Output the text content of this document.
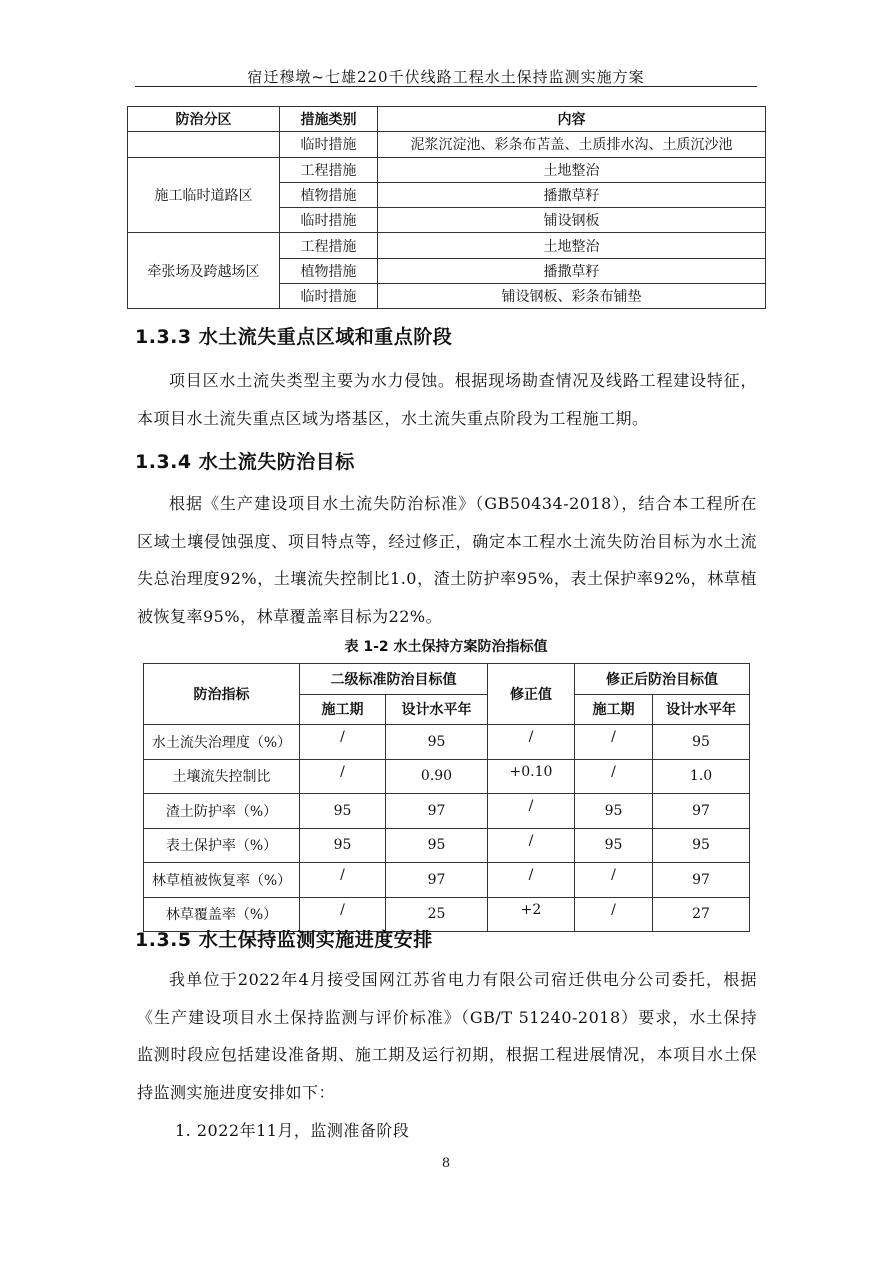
宿迁穆墩~七雄220千伏线路工程水土保持监测实施方案
防治分区	措施类别	内容
	临时措施	泥浆沉淀池、彩条布苫盖、土质排水沟、土质沉沙池
施工临时道路区	工程措施	土地整治
	植物措施	播撒草籽
	临时措施	铺设钢板
牵张场及跨越场区	工程措施	土地整治
	植物措施	播撒草籽
	临时措施	铺设钢板、彩条布铺垫
1.3.3 水土流失重点区域和重点阶段
项目区水土流失类型主要为水力侵蚀。根据现场勘查情况及线路工程建设特征，本项目水土流失重点区域为塔基区，水土流失重点阶段为工程施工期。
1.3.4 水土流失防治目标
根据《生产建设项目水土流失防治标准》（GB50434-2018），结合本工程所在区域土壤侵蚀强度、项目特点等，经过修正，确定本工程水土流失防治目标为水土流失总治理度92%，土壤流失控制比1.0，渣土防护率95%，表土保护率92%，林草植被恢复率95%，林草覆盖率目标为22%。
表 1-2 水土保持方案防治指标值
防治指标	二级标准防治目标值		修正值	修正后防治目标值	
	施工期	设计水平年		施工期	设计水平年
水土流失治理度（%）	/	95	/	/	95
土壤流失控制比	/	0.90	+0.10	/	1.0
渣土防护率（%）	95	97	/	95	97
表土保护率（%）	95	95	/	95	95
林草植被恢复率（%）	/	97	/	/	97
林草覆盖率（%）	/	25	+2	/	27
1.3.5 水土保持监测实施进度安排
我单位于2022年4月接受国网江苏省电力有限公司宿迁供电分公司委托，根据《生产建设项目水土保持监测与评价标准》（GB/T 51240-2018）要求，水土保持监测时段应包括建设准备期、施工期及运行初期，根据工程进展情况，本项目水土保持监测实施进度安排如下：
1. 2022年11月，监测准备阶段
8
